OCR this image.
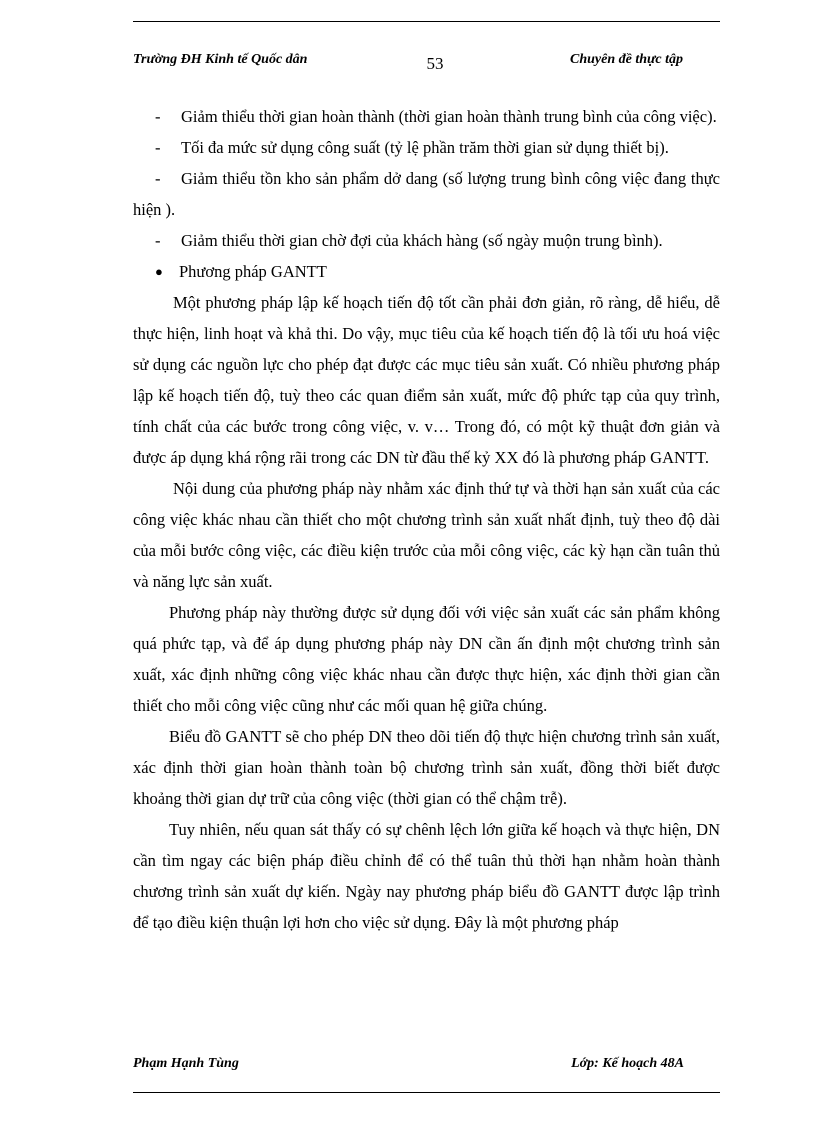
Trường ĐH Kinh tế Quốc dân	53	Chuyên đề thực tập

- Giảm thiểu thời gian hoàn thành (thời gian hoàn thành trung bình của công việc).

- Tối đa mức sử dụng công suất (tỷ lệ phần trăm thời gian sử dụng thiết bị).

- Giảm thiểu tồn kho sản phẩm dở dang (số lượng trung bình công việc đang thực hiện ).

- Giảm thiểu thời gian chờ đợi của khách hàng (số ngày muộn trung bình).

● Phương pháp GANTT

Một phương pháp lập kế hoạch tiến độ tốt cần phải đơn giản, rõ ràng, dễ hiểu, dễ thực hiện, linh hoạt và khả thi. Do vậy, mục tiêu của kế hoạch tiến độ là tối ưu hoá việc sử dụng các nguồn lực cho phép đạt được các mục tiêu sản xuất. Có nhiều phương pháp lập kế hoạch tiến độ, tuỳ theo các quan điểm sản xuất, mức độ phức tạp của quy trình, tính chất của các bước trong công việc, v. v… Trong đó, có một kỹ thuật đơn giản và được áp dụng khá rộng rãi trong các DN từ đầu thế kỷ XX đó là phương pháp GANTT.

Nội dung của phương pháp này nhằm xác định thứ tự và thời hạn sản xuất của các công việc khác nhau cần thiết cho một chương trình sản xuất nhất định, tuỳ theo độ dài của mỗi bước công việc, các điều kiện trước của mỗi công việc, các kỳ hạn cần tuân thủ và năng lực sản xuất.

Phương pháp này thường được sử dụng đối với việc sản xuất các sản phẩm không quá phức tạp, và để áp dụng phương pháp này DN cần ấn định một chương trình sản xuất, xác định những công việc khác nhau cần được thực hiện, xác định thời gian cần thiết cho mỗi công việc cũng như các mối quan hệ giữa chúng.

Biểu đồ GANTT sẽ cho phép DN theo dõi tiến độ thực hiện chương trình sản xuất, xác định thời gian hoàn thành toàn bộ chương trình sản xuất, đồng thời biết được khoảng thời gian dự trữ của công việc (thời gian có thể chậm trễ).

Tuy nhiên, nếu quan sát thấy có sự chênh lệch lớn giữa kế hoạch và thực hiện, DN cần tìm ngay các biện pháp điều chỉnh để có thể tuân thủ thời hạn nhằm hoàn thành chương trình sản xuất dự kiến. Ngày nay phương pháp biểu đồ GANTT được lập trình để tạo điều kiện thuận lợi hơn cho việc sử dụng. Đây là một phương pháp

Phạm Hạnh Tùng	Lớp: Kế hoạch 48A
